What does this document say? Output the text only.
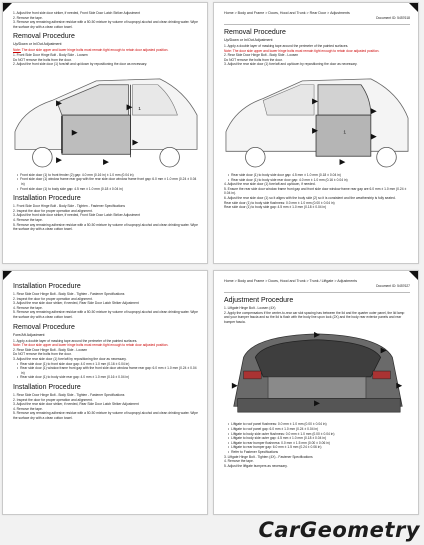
1. Adjust the front side door striker, if needed, Front Side Door Latch Striker Adjustment
2. Remove the tape.
3. Remove any remaining adhesive residue with a 50-50 mixture by volume of isopropyl alcohol and clean drinking water. Wipe the surface dry with a clean cotton towel.
Removal Procedure
Up/Down or In/Out Adjustment
Note: The door side upper and lower hinge bolts must remain tight enough to retain door adjusted position.
1. Front Side Door Hinge Bolt - Body Side - Loosen
Do NOT remove the bolts from the door.
2. Adjust the front side door (1) fore/aft and up/down by repositioning the door as necessary.
1
• Front side door (1) to front fender (2) gap: 4.0 mm (0.16 in) ± 1.0 mm (0.04 in)
• Front side door (1) window frame rear gap with the rear side door window frame front gap: 6.0 mm ± 1.0 mm (0.24 ± 0.04 in)
• Front side door (1) to body side gap: 4.5 mm ± 1.0 mm (0.18 ± 0.04 in)
Installation Procedure
1. Front Side Door Hinge Bolt - Body Side - Tighten - Fastener Specifications
2. Inspect the door for proper operation and alignment.
3. Adjust the front side door striker, if needed, Front Side Door Latch Striker Adjustment
4. Remove the tape.
5. Remove any remaining adhesive residue with a 50-50 mixture by volume of isopropyl alcohol and clean drinking water. Wipe the surface dry with a clean cotton towel.
Home > Body and Frame > Doors, Hood and Trunk > Rear Door > Adjustments
Document ID: 5457618
Removal Procedure
Up/Down or In/Out Adjustment
1. Apply a double layer of masking tape around the perimeter of the painted surfaces.
Note: The door side upper and lower hinge bolts must remain tight enough to retain door adjusted position.
2. Rear Side Door Hinge Bolt - Body Side - Loosen
Do NOT remove the bolts from the door.
3. Adjust the rear side door (1) fore/aft and up/down by repositioning the door as necessary.
1
• Rear side door (1) to body side door gap: 4.5 mm ± 1.0 mm (0.18 ± 0.04 in)
• Rear side door (1) to body side rear door gap: 4.0 mm ± 1.0 mm (0.16 ± 0.04 in)
4. Adjust the rear side door (1) fore/aft and up/down, if needed.
5. Ensure the rear side door window frame front gap and front side door window frame rear gap are 6.0 mm ± 1.0 mm (0.24 ± 0.04 in).
6. Adjust the rear side door (1) so it aligns with the body side (2) so it is consistent and the weatherstrip is fully seated.
Rear side door (1) to body side flushness: 0.0 mm ± 1.0 mm (0.00 ± 0.04 in)
Rear side door (1) to body side gap: 4.5 mm ± 1.0 mm (0.18 ± 0.04 in)
Installation Procedure
1. Rear Side Door Hinge Bolt - Body Side - Tighten - Fastener Specifications
2. Inspect the door for proper operation and alignment.
3. Adjust the rear side door striker, if needed, Rear Side Door Latch Striker Adjustment
4. Remove the tape.
5. Remove any remaining adhesive residue with a 50-50 mixture by volume of isopropyl alcohol and clean drinking water. Wipe the surface dry with a clean cotton towel.
Removal Procedure
Fore/Aft Adjustment
1. Apply a double layer of masking tape around the perimeter of the painted surfaces.
Note: The door side upper and lower hinge bolts must remain tight enough to retain door adjusted position.
2. Rear Side Door Hinge Bolt - Body Side - Loosen
Do NOT remove the bolts from the door.
3. Adjust the rear side door (1) fore/aft by repositioning the door as necessary.
• Rear side door (1) to front side door gap: 4.0 mm ± 1.0 mm (0.16 ± 0.04 in)
• Rear side door (1) window frame front gap with the front side door window frame rear gap: 6.0 mm ± 1.0 mm (0.24 ± 0.04 in)
• Rear side door (1) to body side rear gap: 4.0 mm ± 1.0 mm (0.16 ± 0.04 in)
Installation Procedure
1. Rear Side Door Hinge Bolt - Body Side - Tighten - Fastener Specifications
2. Inspect the door for proper operation and alignment.
3. Adjust the rear side door striker, if needed, Rear Side Door Latch Striker Adjustment
4. Remove the tape.
5. Remove any remaining adhesive residue with a 50-50 mixture by volume of isopropyl alcohol and clean drinking water. Wipe the surface dry with a clean cotton towel.
Home > Body and Frame > Doors, Hood and Trunk > Trunk / Liftgate > Adjustments
Document ID: 5457627
Adjustment Procedure
1. Liftgate Hinge Bolt - Loosen (4X)
2. Apply the compensators if the center-to-rear car slot spacing has between the lid and the quarter outer panel, the lid lamp and your bumper fascia and so the lid is flush with the body line upon lock (2X) and the body rear exterior panels and rear bumper fascia.
• Liftgate to roof panel flushness: 0.0 mm ± 1.0 mm (0.00 ± 0.04 in)
• Liftgate to roof panel gap: 6.0 mm ± 1.0 mm (0.24 ± 0.04 in)
• Liftgate to body side outer flushness: 0.0 mm ± 1.0 mm (0.00 ± 0.04 in)
• Liftgate to body side outer gap: 4.5 mm ± 1.0 mm (0.18 ± 0.04 in)
• Liftgate to rear bumper flushness: 0.0 mm ± 1.5 mm (0.00 ± 0.06 in)
• Liftgate to rear bumper gap: 6.0 mm ± 1.5 mm (0.24 ± 0.06 in)
• Refer to Fastener Specifications
3. Liftgate Hinge Bolt - Tighten (4X) - Fastener Specifications
4. Remove the tape.
5. Adjust the liftgate bumpers as necessary.
CarGeometry
